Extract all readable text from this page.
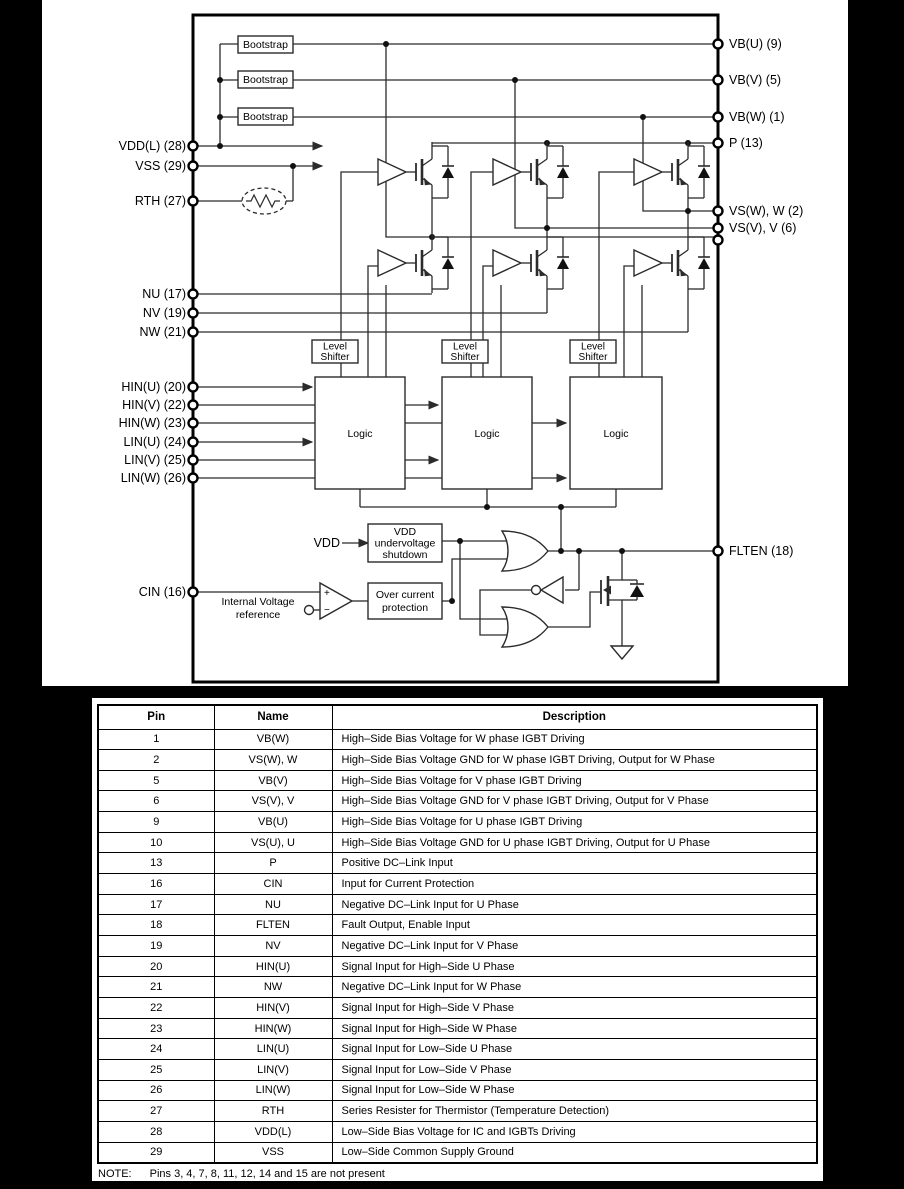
Bootstrap
Bootstrap
Bootstrap
Level
Shifter
Level
Shifter
Level
Shifter
Logic	Logic	Logic
VDD
undervoltage
shutdown
VDD
Over current
protection
+
−
Internal Voltage
reference
VDD(L) (28)
VSS (29)
RTH (27)
NU (17)
NV (19)
NW (21)
HIN(U) (20)
HIN(V) (22)
HIN(W) (23)
LIN(U) (24)
LIN(V) (25)
LIN(W) (26)
CIN (16)
VB(U) (9)
VB(V) (5)
VB(W) (1)
P (13)
VS(W), W (2)
VS(V), V (6)
FLTEN (18)
Pin	Name	Description
1	VB(W)	High–Side Bias Voltage for W phase IGBT Driving
2	VS(W), W	High–Side Bias Voltage GND for W phase IGBT Driving, Output for W Phase
5	VB(V)	High–Side Bias Voltage for V phase IGBT Driving
6	VS(V), V	High–Side Bias Voltage GND for V phase IGBT Driving, Output for V Phase
9	VB(U)	High–Side Bias Voltage for U phase IGBT Driving
10	VS(U), U	High–Side Bias Voltage GND for U phase IGBT Driving, Output for U Phase
13	P	Positive DC–Link Input
16	CIN	Input for Current Protection
17	NU	Negative DC–Link Input for U Phase
18	FLTEN	Fault Output, Enable Input
19	NV	Negative DC–Link Input for V Phase
20	HIN(U)	Signal Input for High–Side U Phase
21	NW	Negative DC–Link Input for W Phase
22	HIN(V)	Signal Input for High–Side V Phase
23	HIN(W)	Signal Input for High–Side W Phase
24	LIN(U)	Signal Input for Low–Side U Phase
25	LIN(V)	Signal Input for Low–Side V Phase
26	LIN(W)	Signal Input for Low–Side W Phase
27	RTH	Series Resister for Thermistor (Temperature Detection)
28	VDD(L)	Low–Side Bias Voltage for IC and IGBTs Driving
29	VSS	Low–Side Common Supply Ground
NOTE: Pins 3, 4, 7, 8, 11, 12, 14 and 15 are not present
